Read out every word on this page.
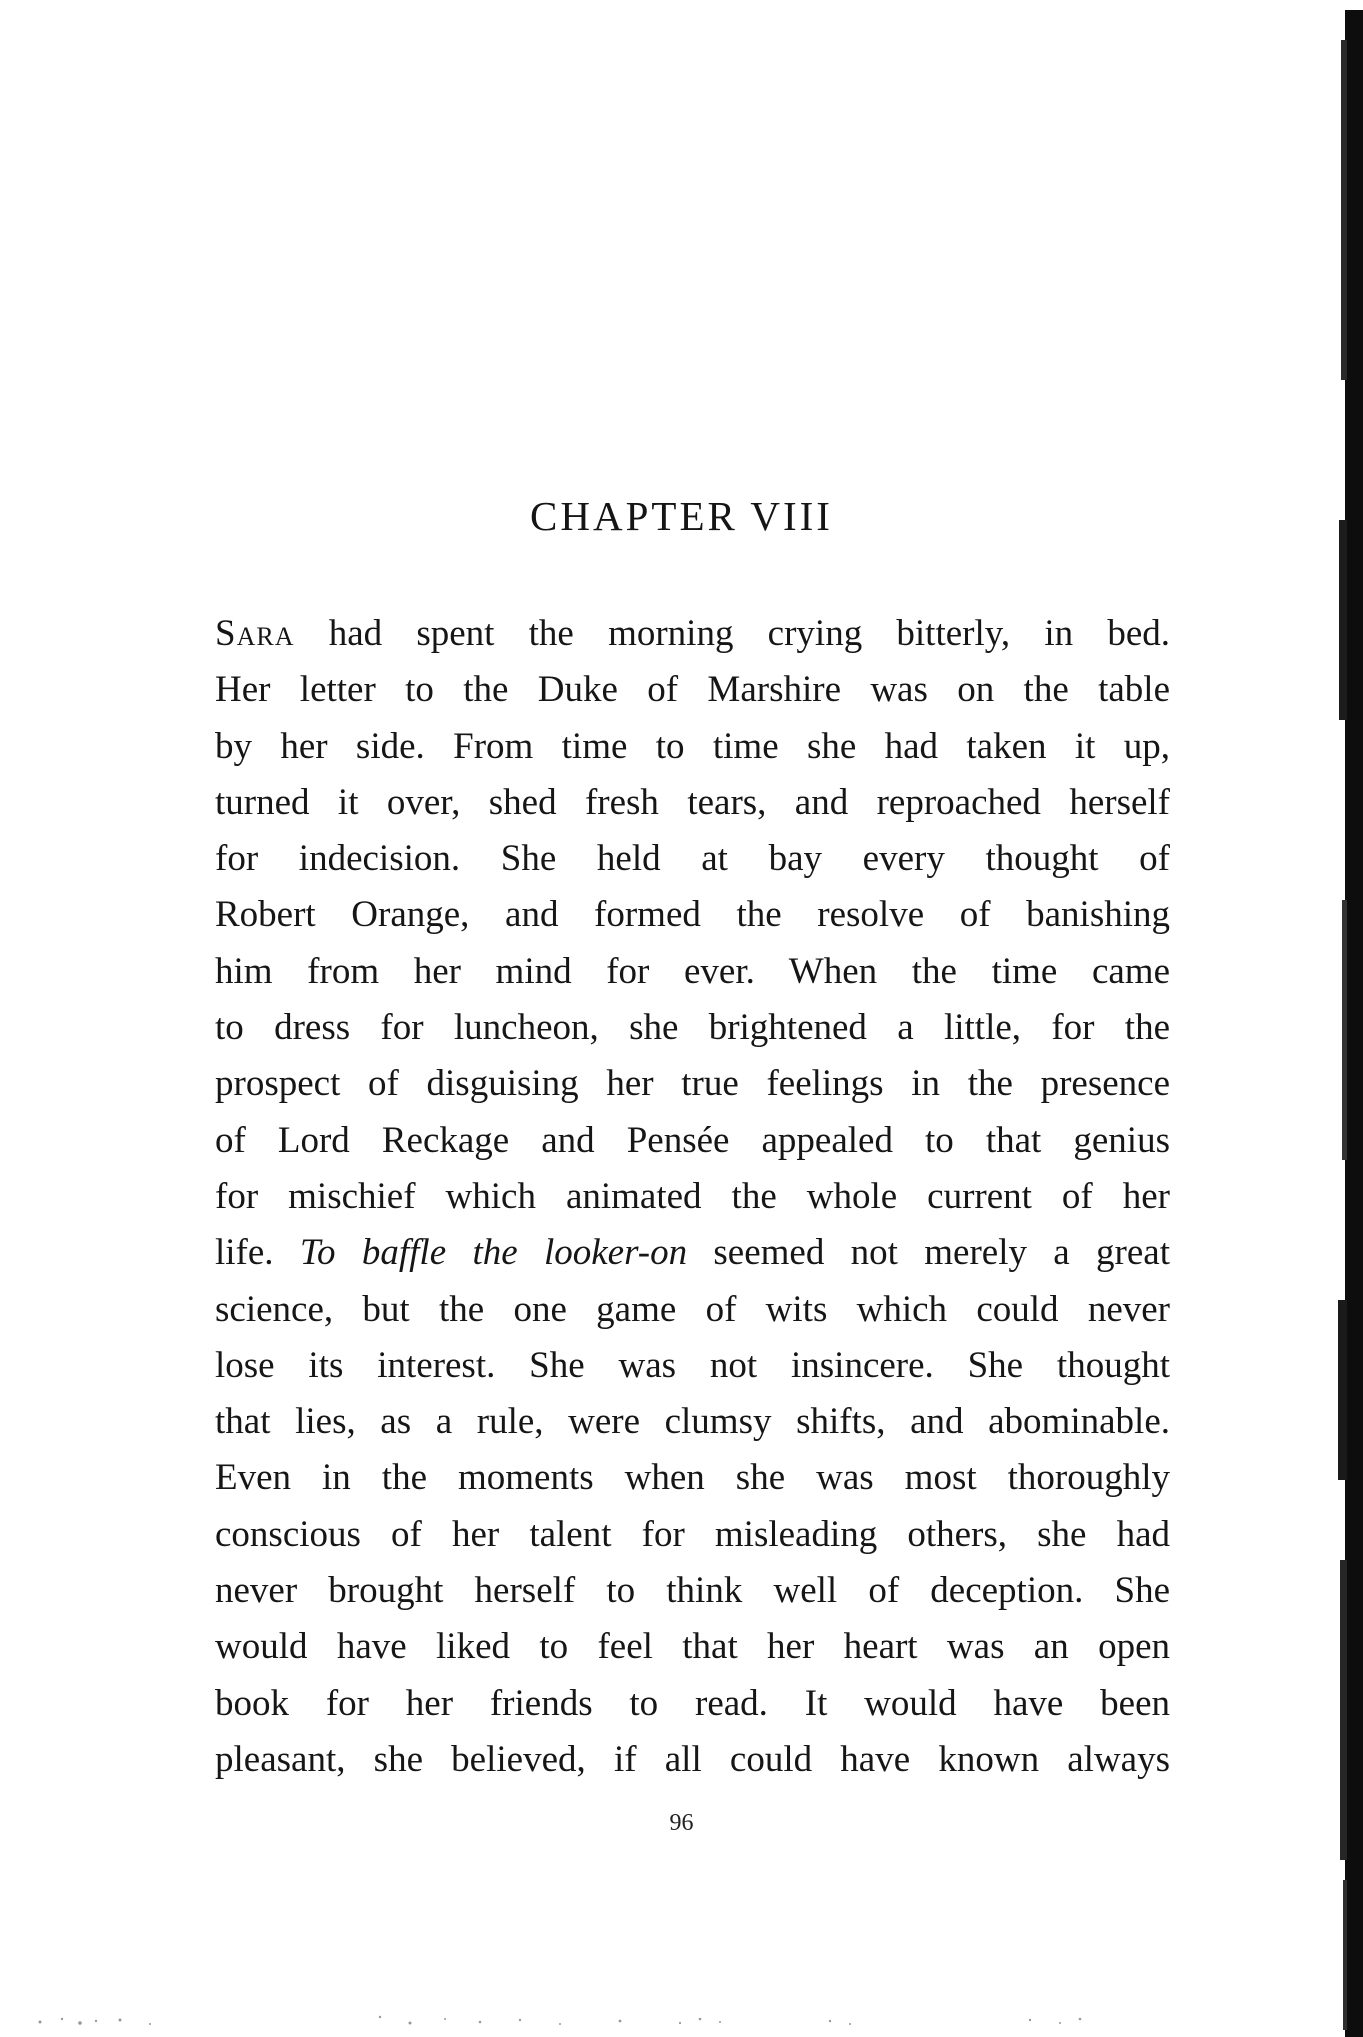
CHAPTER VIII
Sara had spent the morning crying bitterly, in bed.
Her letter to the Duke of Marshire was on the table
by her side. From time to time she had taken it up,
turned it over, shed fresh tears, and reproached herself
for indecision. She held at bay every thought of
Robert Orange, and formed the resolve of banishing
him from her mind for ever. When the time came
to dress for luncheon, she brightened a little, for the
prospect of disguising her true feelings in the presence
of Lord Reckage and Pensée appealed to that genius
for mischief which animated the whole current of her
life. To baffle the looker-on seemed not merely a great
science, but the one game of wits which could never
lose its interest. She was not insincere. She thought
that lies, as a rule, were clumsy shifts, and abominable.
Even in the moments when she was most thoroughly
conscious of her talent for misleading others, she had
never brought herself to think well of deception. She
would have liked to feel that her heart was an open
book for her friends to read. It would have been
pleasant, she believed, if all could have known always
96
